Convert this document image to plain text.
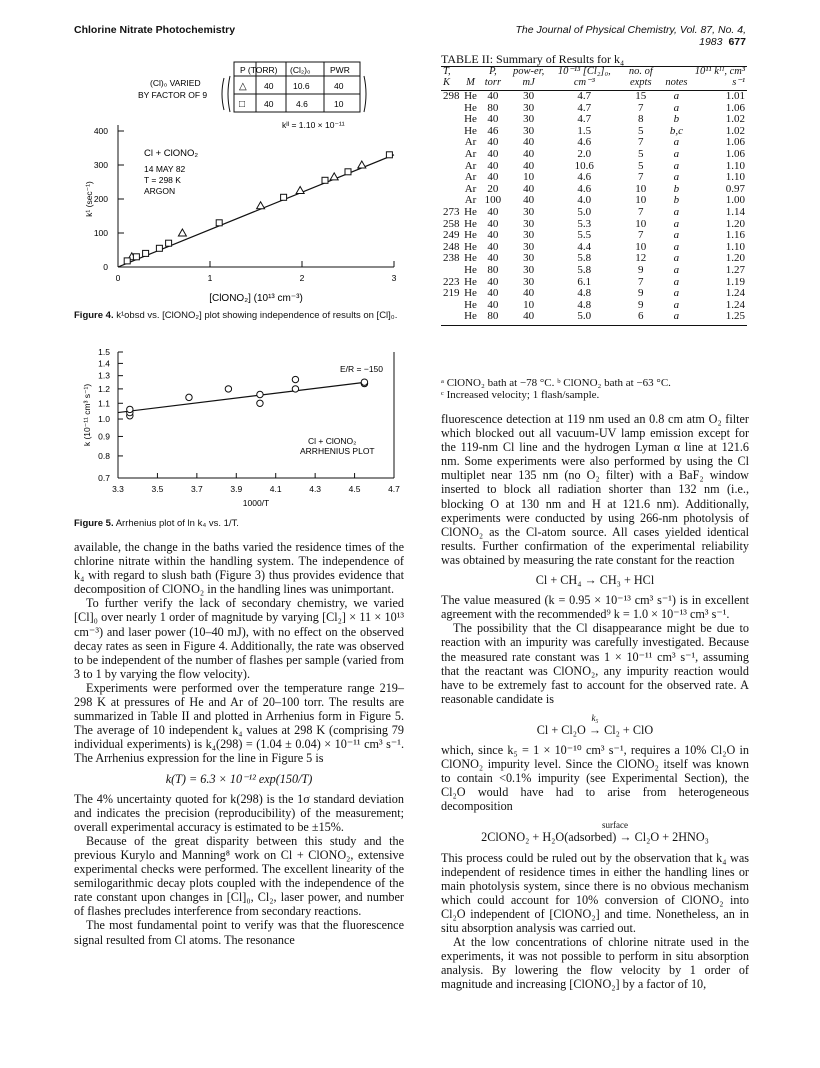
Chlorine Nitrate Photochemistry	The Journal of Physical Chemistry, Vol. 87, No. 4, 1983 677
P (TORR) (Cl₂)₀ PWR
△ 40 10.6	40
□ 40	4.6	10
(Cl)₀ VARIED
BY FACTOR OF 9
kᴵᴵ = 1.10 × 10⁻¹¹
0
100
200
300
400
0	1	2	3
k¹ (sec⁻¹)
[ClONO₂] (10¹³ cm⁻³)
Cl + ClONO₂
14 MAY 82
T = 298 K
ARGON
Figure 4. k¹obsd vs. [ClONO₂] plot showing independence of results on [Cl]₀.
0.7
0.8
0.9
1.0
1.1
1.2
1.3
1.4
1.5
3.3	3.5	3.7	3.9	4.1	4.3	4.5	4.7
k (10⁻¹¹ cm³ s⁻¹)
1000/T
E/R = −150
Cl + ClONO₂
ARRHENIUS PLOT
Figure 5. Arrhenius plot of ln k₄ vs. 1/T.

available, the change in the baths varied the residence times of the chlorine nitrate within the handling system. The independence of k₄ with regard to slush bath (Figure 3) thus provides evidence that decomposition of ClONO₂ in the handling lines was unimportant.

To further verify the lack of secondary chemistry, we varied [Cl]₀ over nearly 1 order of magnitude by varying [Cl₂] × 11 × 10¹³ cm⁻³) and laser power (10–40 mJ), with no effect on the observed decay rates as seen in Figure 4. Additionally, the rate was observed to be independent of the number of flashes per sample (varied from 3 to 1 by varying the flow velocity).

Experiments were performed over the temperature range 219–298 K at pressures of He and Ar of 20–100 torr. The results are summarized in Table II and plotted in Arrhenius form in Figure 5. The average of 10 independent k₄ values at 298 K (comprising 79 individual experiments) is k₄(298) = (1.04 ± 0.04) × 10⁻¹¹ cm³ s⁻¹. The Arrhenius expression for the line in Figure 5 is

k(T) = 6.3 × 10⁻¹² exp(150/T)

The 4% uncertainty quoted for k(298) is the 1σ standard deviation and indicates the precision (reproducibility) of the measurement; overall experimental accuracy is estimated to be ±15%.

Because of the great disparity between this study and the previous Kurylo and Manning⁸ work on Cl + ClONO₂, extensive experimental checks were performed. The excellent linearity of the semilogarithmic decay plots coupled with the independence of the rate constant upon changes in [Cl]₀, Cl₂, laser power, and number of flashes precludes interference from secondary reactions.

The most fundamental point to verify was that the fluorescence signal resulted from Cl atoms. The resonance

TABLE II: Summary of Results for k₄
T, K	M	P, torr	pow-er, mJ	10⁻¹³ [Cl₂]₀, cm⁻³	no. of expts	notes	10¹¹ kᴵᴵ, cm³ s⁻¹
298	He	40	30	4.7	15	a	1.01
	He	80	30	4.7	7	a	1.06
	He	40	30	4.7	8	b	1.02
	He	46	30	1.5	5	b,c	1.02
	Ar	40	40	4.6	7	a	1.06
	Ar	40	40	2.0	5	a	1.06
	Ar	40	40	10.6	5	a	1.10
	Ar	40	10	4.6	7	a	1.10
	Ar	20	40	4.6	10	b	0.97
	Ar	100	40	4.0	10	b	1.00
273	He	40	30	5.0	7	a	1.14
258	He	40	30	5.3	10	a	1.20
249	He	40	30	5.5	7	a	1.16
248	He	40	30	4.4	10	a	1.10
238	He	40	30	5.8	12	a	1.20
	He	80	30	5.8	9	a	1.27
223	He	40	30	6.1	7	a	1.19
219	He	40	40	4.8	9	a	1.24
	He	40	10	4.8	9	a	1.24
	He	80	40	5.0	6	a	1.25
ᵃ ClONO₂ bath at −78 °C. ᵇ ClONO₂ bath at −63 °C.
ᶜ Increased velocity; 1 flash/sample.

fluorescence detection at 119 nm used an 0.8 cm atm O₂ filter which blocked out all vacuum-UV lamp emission except for the 119-nm Cl line and the hydrogen Lyman α line at 121.6 nm. Some experiments were also performed by using the Cl multiplet near 135 nm (no O₂ filter) with a BaF₂ window inserted to block all radiation shorter than 132 nm (i.e., blocking O at 130 nm and H at 121.6 nm). Additionally, experiments were conducted by using 266-nm photolysis of ClONO₂ as the Cl-atom source. All cases yielded identical results. Further confirmation of the experimental reliability was obtained by measuring the rate constant for the reaction

Cl + CH₄ → CH₃ + HCl

The value measured (k = 0.95 × 10⁻¹³ cm³ s⁻¹) is in excellent agreement with the recommended⁹ k = 1.0 × 10⁻¹³ cm³ s⁻¹.

The possibility that the Cl disappearance might be due to reaction with an impurity was carefully investigated. Because the measured rate constant was 1 × 10⁻¹¹ cm³ s⁻¹, assuming that the reactant was ClONO₂, any impurity reaction would have to be extremely fast to account for the observed rate. A reasonable candidate is

k₅
Cl + Cl₂O → Cl₂ + ClO

which, since k₅ = 1 × 10⁻¹⁰ cm³ s⁻¹, requires a 10% Cl₂O in ClONO₂ impurity level. Since the ClONO₂ itself was known to contain <0.1% impurity (see Experimental Section), the Cl₂O would have had to arise from heterogeneous decomposition

surface
2ClONO₂ + H₂O(adsorbed) → Cl₂O + 2HNO₃

This process could be ruled out by the observation that k₄ was independent of residence times in either the handling lines or main photolysis system, since there is no obvious mechanism which could account for 10% conversion of ClONO₂ into Cl₂O independent of [ClONO₂] and time. Nonetheless, an in situ absorption analysis was carried out.

At the low concentrations of chlorine nitrate used in the experiments, it was not possible to perform in situ absorption analysis. By lowering the flow velocity by 1 order of magnitude and increasing [ClONO₂] by a factor of 10,
